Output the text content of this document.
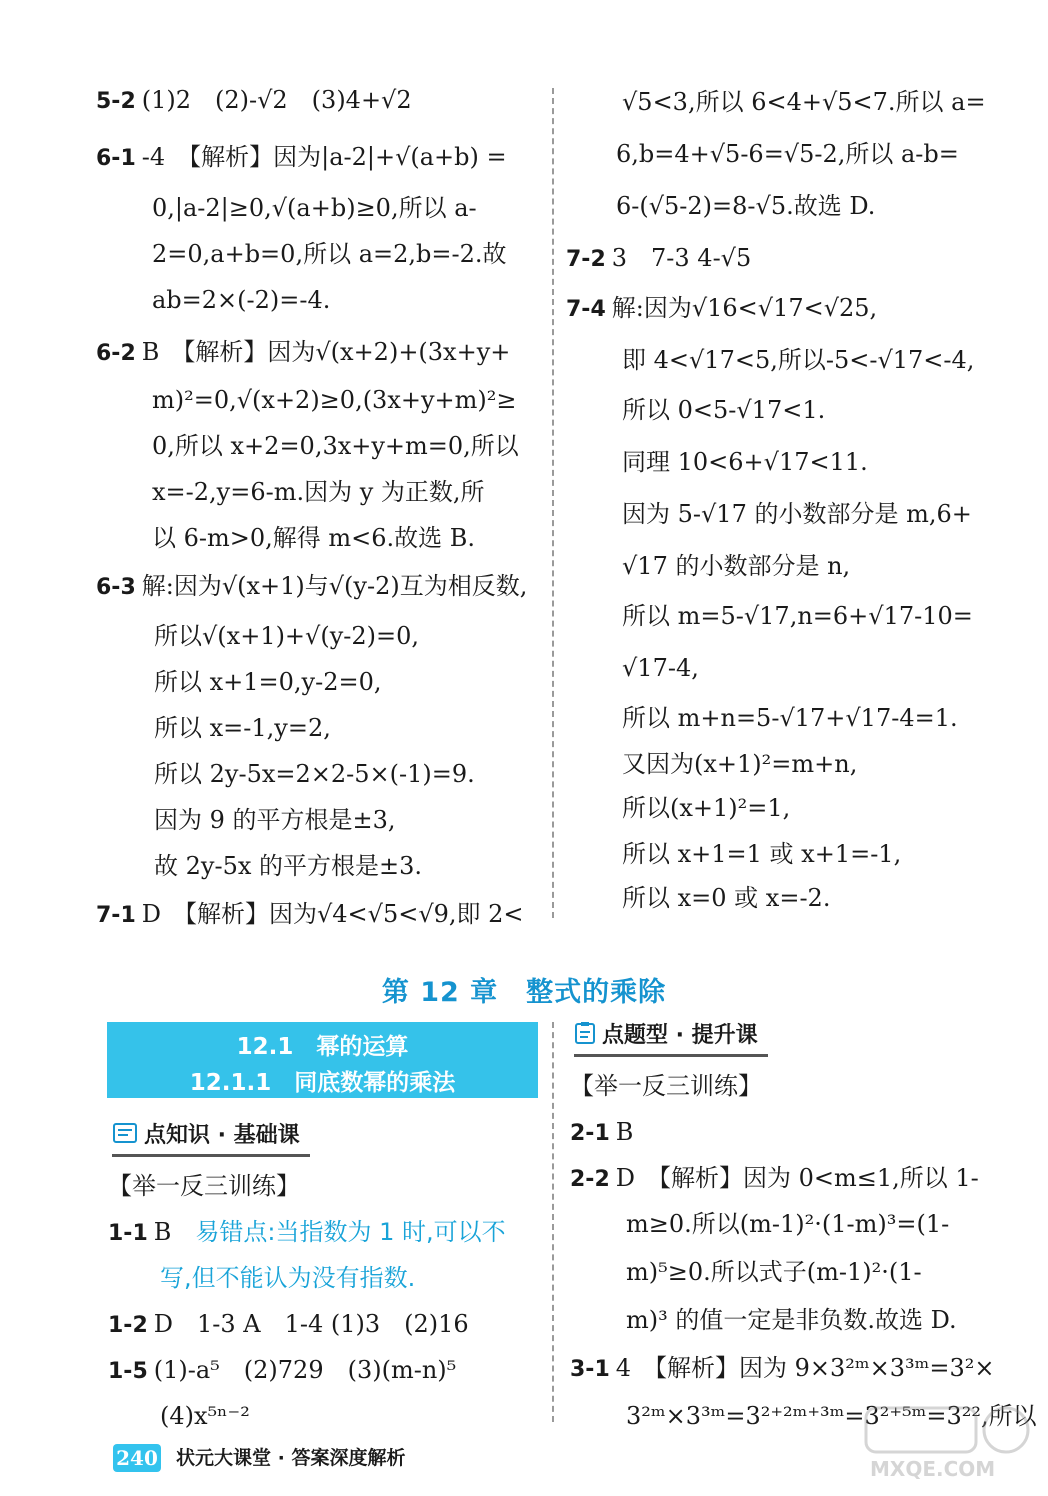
5-2 (1)2　(2)-√2　(3)4+√2
6-1 -4　【解析】因为|a-2|+√(a+b) =
0,|a-2|≥0,√(a+b)≥0,所以 a-
2=0,a+b=0,所以 a=2,b=-2.故
ab=2×(-2)=-4.
6-2 B　【解析】因为√(x+2)+(3x+y+
m)²=0,√(x+2)≥0,(3x+y+m)²≥
0,所以 x+2=0,3x+y+m=0,所以
x=-2,y=6-m.因为 y 为正数,所
以 6-m>0,解得 m<6.故选 B.
6-3 解:因为√(x+1)与√(y-2)互为相反数,
所以√(x+1)+√(y-2)=0,
所以 x+1=0,y-2=0,
所以 x=-1,y=2,
所以 2y-5x=2×2-5×(-1)=9.
因为 9 的平方根是±3,
故 2y-5x 的平方根是±3.
7-1 D　【解析】因为√4<√5<√9,即 2<
√5<3,所以 6<4+√5<7.所以 a=
6,b=4+√5-6=√5-2,所以 a-b=
6-(√5-2)=8-√5.故选 D.
7-2 3　7-3 4-√5
7-4 解:因为√16<√17<√25,
即 4<√17<5,所以-5<-√17<-4,
所以 0<5-√17<1.
同理 10<6+√17<11.
因为 5-√17 的小数部分是 m,6+
√17 的小数部分是 n,
所以 m=5-√17,n=6+√17-10=
√17-4,
所以 m+n=5-√17+√17-4=1.
又因为(x+1)²=m+n,
所以(x+1)²=1,
所以 x+1=1 或 x+1=-1,
所以 x=0 或 x=-2.
第 12 章　整式的乘除
12.1　幂的运算
12.1.1　同底数幂的乘法
点知识 · 基础课
【举一反三训练】
1-1 B　易错点:当指数为 1 时,可以不
写,但不能认为没有指数.
1-2 D　1-3 A　1-4 (1)3　(2)16
1-5 (1)-a⁵　(2)729　(3)(m-n)⁵
(4)x⁵ⁿ⁻²
点题型 · 提升课
【举一反三训练】
2-1 B
2-2 D　【解析】因为 0<m≤1,所以 1-
m≥0.所以(m-1)²·(1-m)³=(1-
m)⁵≥0.所以式子(m-1)²·(1-
m)³ 的值一定是非负数.故选 D.
3-1 4　【解析】因为 9×3²ᵐ×3³ᵐ=3²×
3²ᵐ×3³ᵐ=3²⁺²ᵐ⁺³ᵐ=3²⁺⁵ᵐ=3²²,所以
240 状元大课堂 · 答案深度解析	MXQE.COM
